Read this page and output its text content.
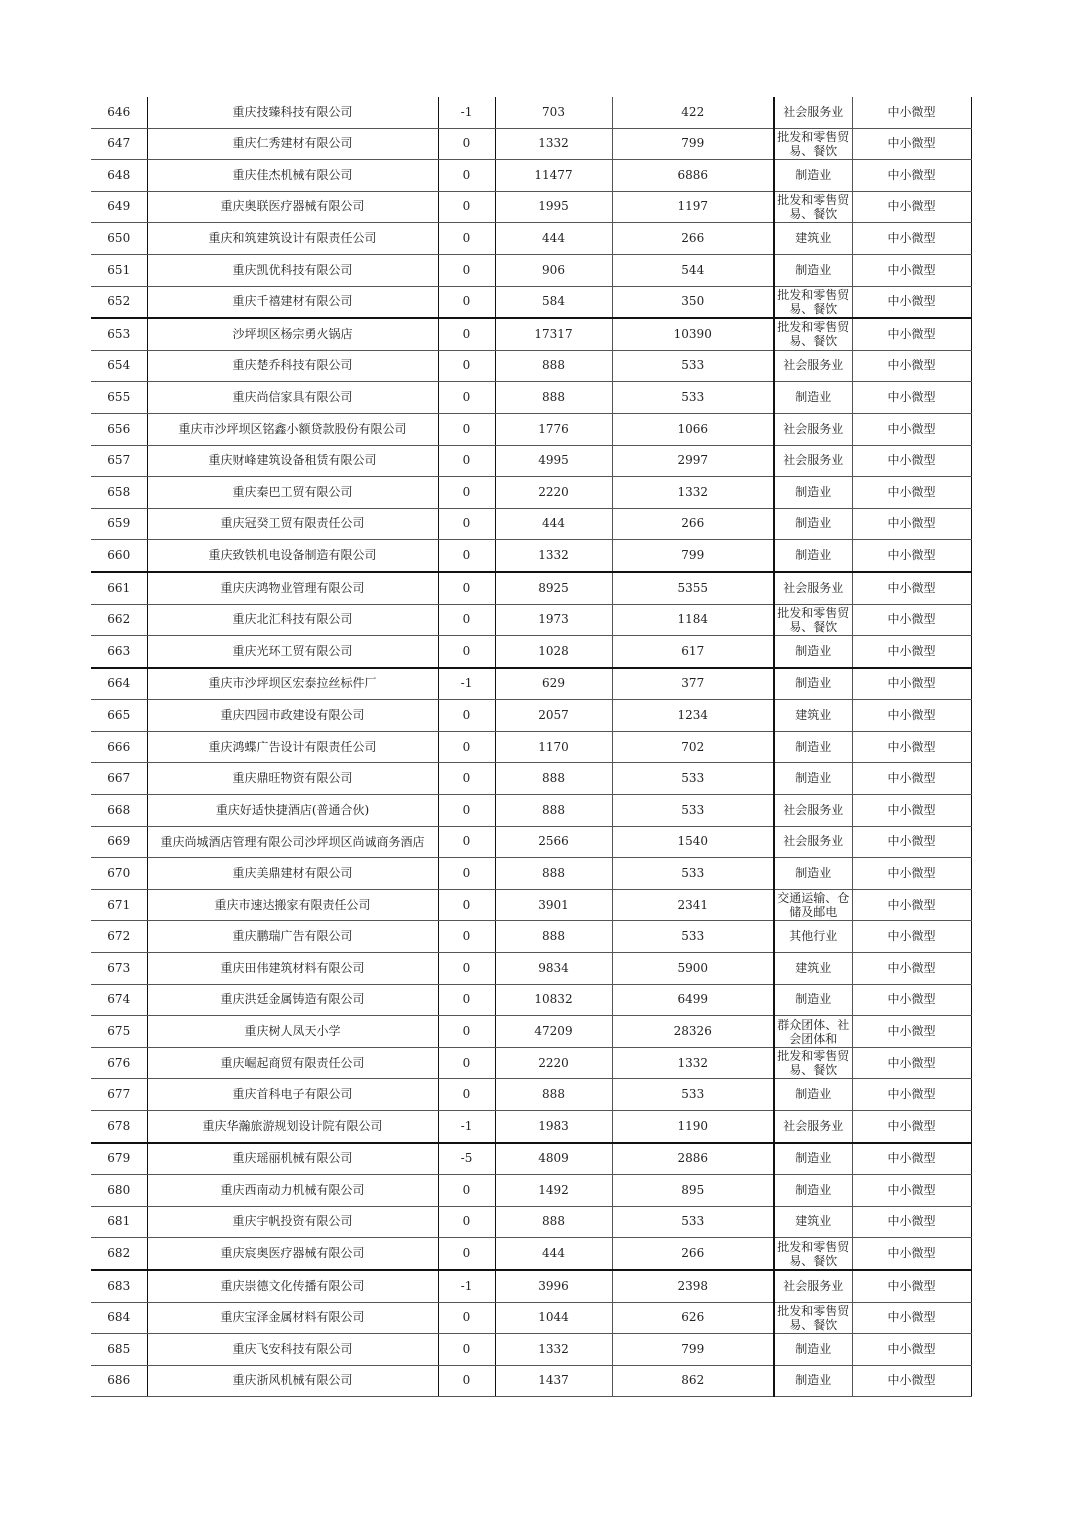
646	重庆技臻科技有限公司	-1	703	422	社会服务业	中小微型
647	重庆仁秀建材有限公司	0	1332	799	批发和零售贸易、餐饮	中小微型
648	重庆佳杰机械有限公司	0	11477	6886	制造业	中小微型
649	重庆奥联医疗器械有限公司	0	1995	1197	批发和零售贸易、餐饮	中小微型
650	重庆和筑建筑设计有限责任公司	0	444	266	建筑业	中小微型
651	重庆凯优科技有限公司	0	906	544	制造业	中小微型
652	重庆千禧建材有限公司	0	584	350	批发和零售贸易、餐饮	中小微型
653	沙坪坝区杨宗勇火锅店	0	17317	10390	批发和零售贸易、餐饮	中小微型
654	重庆楚乔科技有限公司	0	888	533	社会服务业	中小微型
655	重庆尚信家具有限公司	0	888	533	制造业	中小微型
656	重庆市沙坪坝区铭鑫小额贷款股份有限公司	0	1776	1066	社会服务业	中小微型
657	重庆财峰建筑设备租赁有限公司	0	4995	2997	社会服务业	中小微型
658	重庆秦巴工贸有限公司	0	2220	1332	制造业	中小微型
659	重庆冠癸工贸有限责任公司	0	444	266	制造业	中小微型
660	重庆致铁机电设备制造有限公司	0	1332	799	制造业	中小微型
661	重庆庆鸿物业管理有限公司	0	8925	5355	社会服务业	中小微型
662	重庆北汇科技有限公司	0	1973	1184	批发和零售贸易、餐饮	中小微型
663	重庆光环工贸有限公司	0	1028	617	制造业	中小微型
664	重庆市沙坪坝区宏泰拉丝标件厂	-1	629	377	制造业	中小微型
665	重庆四园市政建设有限公司	0	2057	1234	建筑业	中小微型
666	重庆鸿蝶广告设计有限责任公司	0	1170	702	制造业	中小微型
667	重庆鼎旺物资有限公司	0	888	533	制造业	中小微型
668	重庆好适快捷酒店(普通合伙)	0	888	533	社会服务业	中小微型
669	重庆尚城酒店管理有限公司沙坪坝区尚诚商务酒店	0	2566	1540	社会服务业	中小微型
670	重庆美鼎建材有限公司	0	888	533	制造业	中小微型
671	重庆市速达搬家有限责任公司	0	3901	2341	交通运输、仓储及邮电	中小微型
672	重庆鹏瑞广告有限公司	0	888	533	其他行业	中小微型
673	重庆田伟建筑材料有限公司	0	9834	5900	建筑业	中小微型
674	重庆洪廷金属铸造有限公司	0	10832	6499	制造业	中小微型
675	重庆树人凤天小学	0	47209	28326	群众团体、社会团体和	中小微型
676	重庆崛起商贸有限责任公司	0	2220	1332	批发和零售贸易、餐饮	中小微型
677	重庆首科电子有限公司	0	888	533	制造业	中小微型
678	重庆华瀚旅游规划设计院有限公司	-1	1983	1190	社会服务业	中小微型
679	重庆瑶丽机械有限公司	-5	4809	2886	制造业	中小微型
680	重庆西南动力机械有限公司	0	1492	895	制造业	中小微型
681	重庆宇帆投资有限公司	0	888	533	建筑业	中小微型
682	重庆宸奥医疗器械有限公司	0	444	266	批发和零售贸易、餐饮	中小微型
683	重庆崇德文化传播有限公司	-1	3996	2398	社会服务业	中小微型
684	重庆宝泽金属材料有限公司	0	1044	626	批发和零售贸易、餐饮	中小微型
685	重庆飞安科技有限公司	0	1332	799	制造业	中小微型
686	重庆浙风机械有限公司	0	1437	862	制造业	中小微型
